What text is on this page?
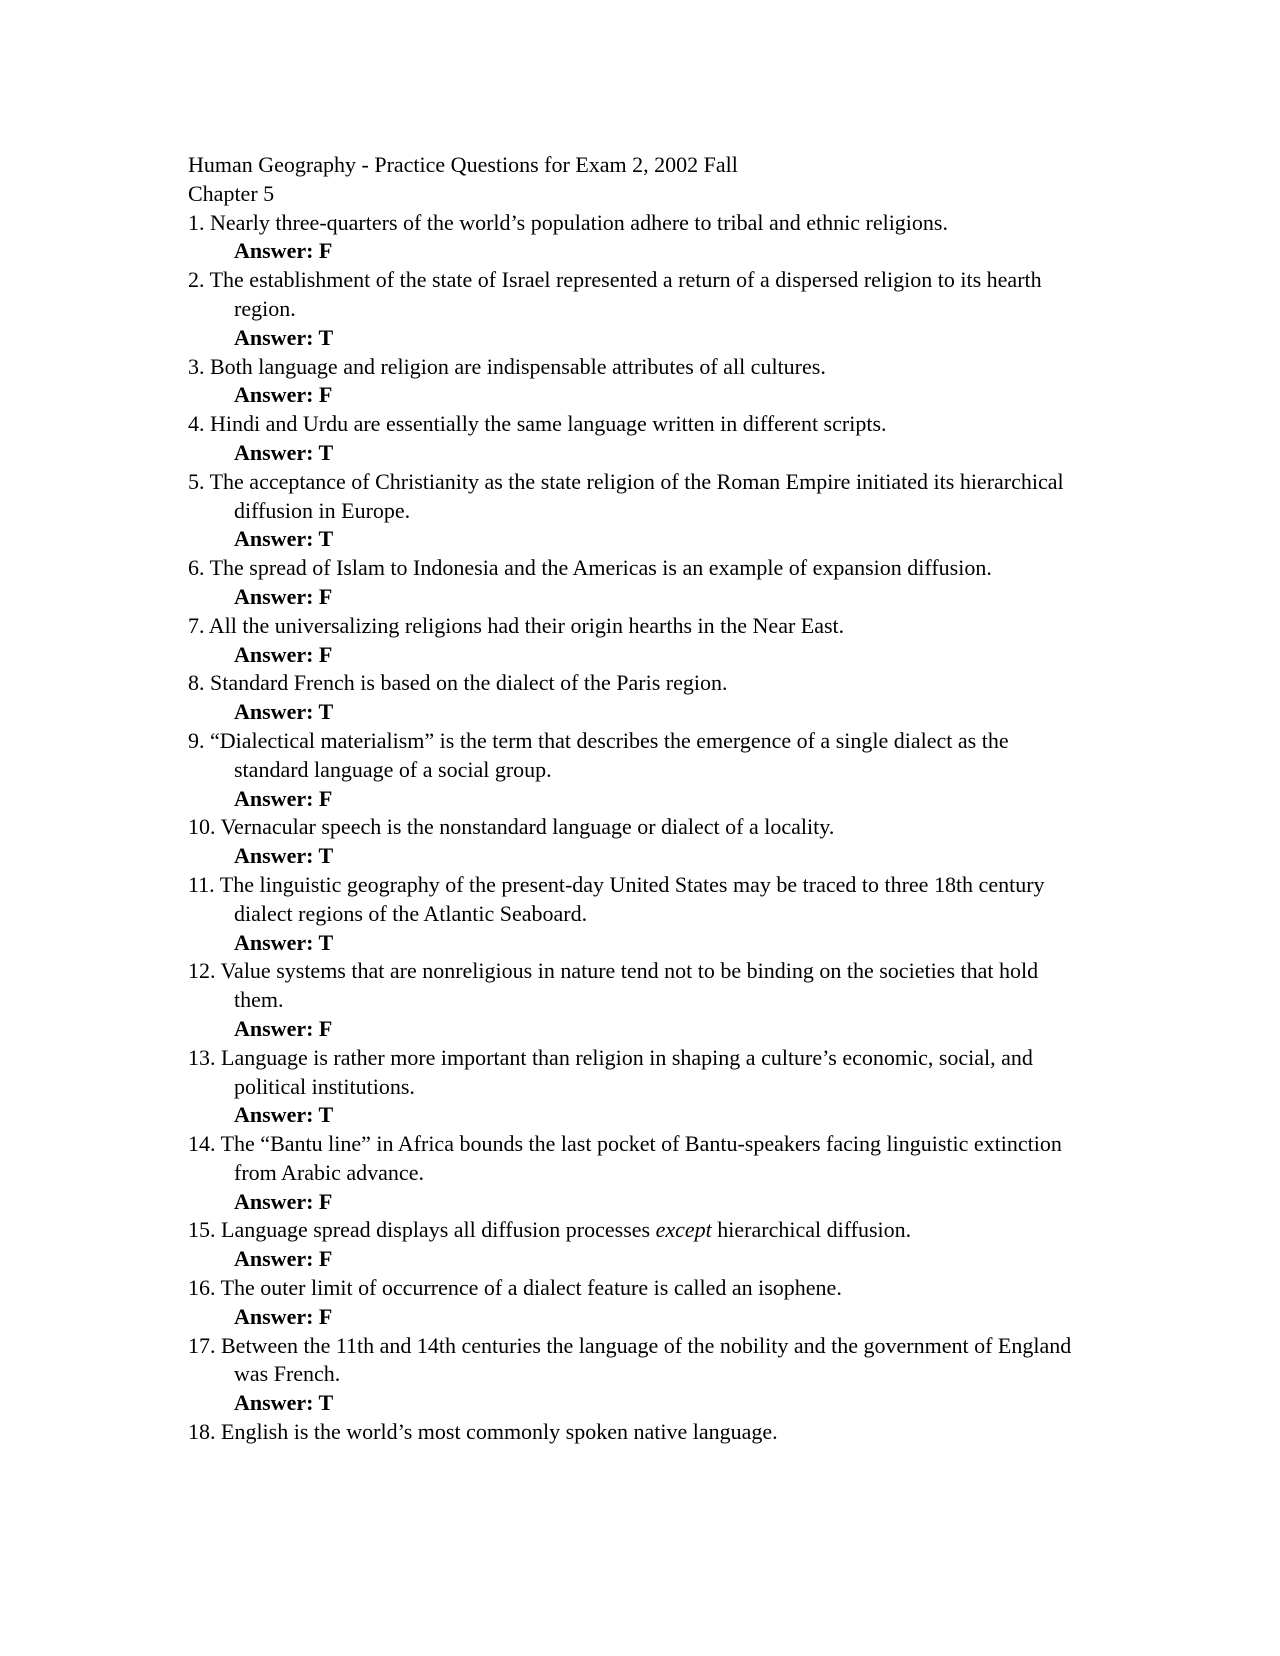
Human Geography - Practice Questions for Exam 2, 2002 Fall

Chapter 5

1. Nearly three-quarters of the world’s population adhere to tribal and ethnic religions.

Answer: F

2. The establishment of the state of Israel represented a return of a dispersed religion to its hearth region.

Answer: T

3. Both language and religion are indispensable attributes of all cultures.

Answer: F

4. Hindi and Urdu are essentially the same language written in different scripts.

Answer: T

5. The acceptance of Christianity as the state religion of the Roman Empire initiated its hierarchical diffusion in Europe.

Answer: T

6. The spread of Islam to Indonesia and the Americas is an example of expansion diffusion.

Answer: F

7. All the universalizing religions had their origin hearths in the Near East.

Answer: F

8. Standard French is based on the dialect of the Paris region.

Answer: T

9. “Dialectical materialism” is the term that describes the emergence of a single dialect as the standard language of a social group.

Answer: F

10. Vernacular speech is the nonstandard language or dialect of a locality.

Answer: T

11. The linguistic geography of the present-day United States may be traced to three 18th century dialect regions of the Atlantic Seaboard.

Answer: T

12. Value systems that are nonreligious in nature tend not to be binding on the societies that hold them.

Answer: F

13. Language is rather more important than religion in shaping a culture’s economic, social, and political institutions.

Answer: T

14. The “Bantu line” in Africa bounds the last pocket of Bantu-speakers facing linguistic extinction from Arabic advance.

Answer: F

15. Language spread displays all diffusion processes except hierarchical diffusion.

Answer: F

16. The outer limit of occurrence of a dialect feature is called an isophene.

Answer: F

17. Between the 11th and 14th centuries the language of the nobility and the government of England was French.

Answer: T

18. English is the world’s most commonly spoken native language.
